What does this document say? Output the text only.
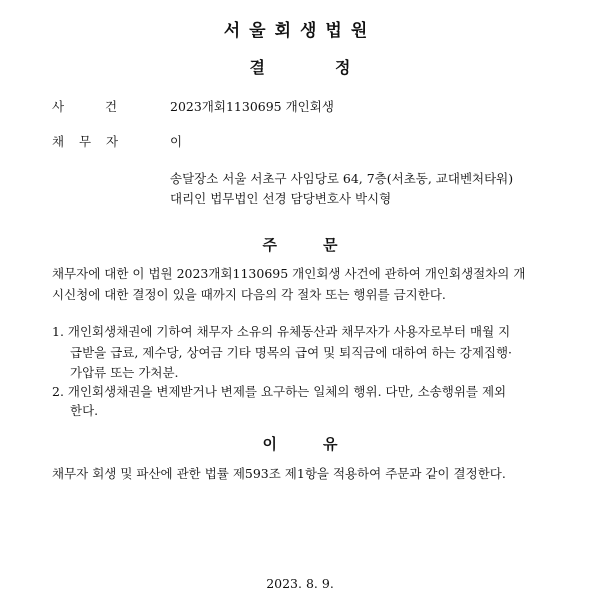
서울회생법원
결정
사	건	2023개회1130695 개인회생
채 무 자	이
송달장소 서울 서초구 사임당로 64, 7층(서초동, 교대벤처타워)
대리인 법무법인 선경 담당변호사 박시형
주문
채무자에 대한 이 법원 2023개회1130695 개인회생 사건에 관하여 개인회생절차의 개
시신청에 대한 결정이 있을 때까지 다음의 각 절차 또는 행위를 금지한다.
1. 개인회생채권에 기하여 채무자 소유의 유체동산과 채무자가 사용자로부터 매월 지
급받을 급료, 제수당, 상여금 기타 명목의 급여 및 퇴직금에 대하여 하는 강제집행·
가압류 또는 가처분.
2. 개인회생채권을 변제받거나 변제를 요구하는 일체의 행위. 다만, 소송행위를 제외
한다.
이유
채무자 회생 및 파산에 관한 법률 제593조 제1항을 적용하여 주문과 같이 결정한다.
2023. 8. 9.
